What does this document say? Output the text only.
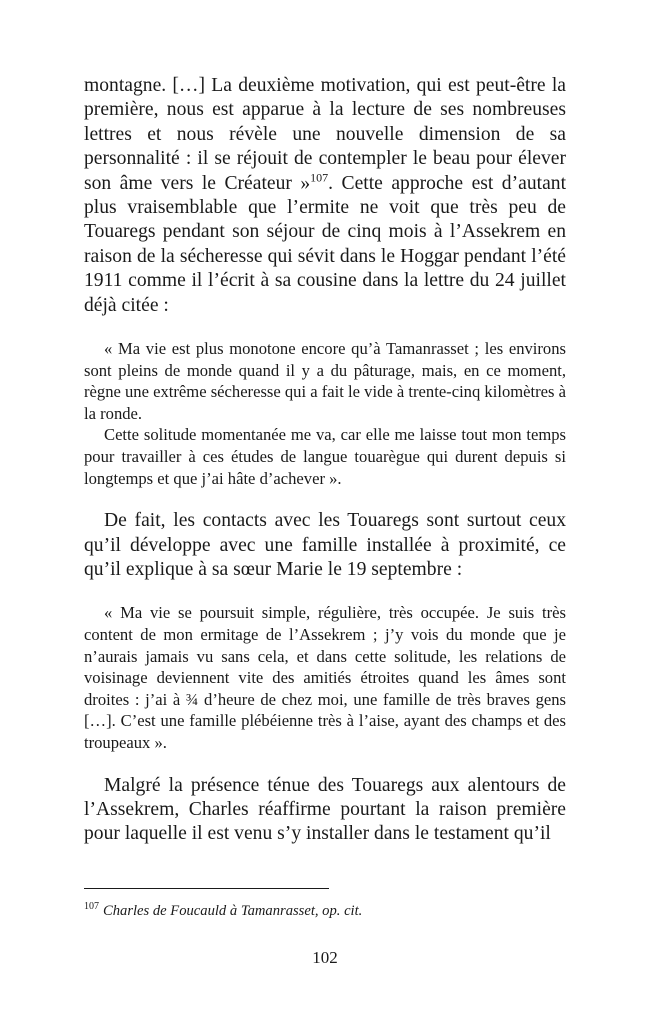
montagne. […] La deuxième motivation, qui est peut-être la première, nous est apparue à la lecture de ses nombreuses lettres et nous révèle une nouvelle dimension de sa personnalité : il se réjouit de contempler le beau pour élever son âme vers le Créateur »$^{107}$. Cette approche est d’autant plus vraisemblable que l’ermite ne voit que très peu de Touaregs pendant son séjour de cinq mois à l’Assekrem en raison de la sécheresse qui sévit dans le Hoggar pendant l’été 1911 comme il l’écrit à sa cousine dans la lettre du 24 juillet déjà citée :

« Ma vie est plus monotone encore qu’à Tamanrasset ; les environs sont pleins de monde quand il y a du pâturage, mais, en ce moment, règne une extrême sécheresse qui a fait le vide à trente-cinq kilomètres à la ronde.

Cette solitude momentanée me va, car elle me laisse tout mon temps pour travailler à ces études de langue touarègue qui durent depuis si longtemps et que j’ai hâte d’achever ».

De fait, les contacts avec les Touaregs sont surtout ceux qu’il développe avec une famille installée à proximité, ce qu’il explique à sa sœur Marie le 19 septembre :

« Ma vie se poursuit simple, régulière, très occupée. Je suis très content de mon ermitage de l’Assekrem ; j’y vois du monde que je n’aurais jamais vu sans cela, et dans cette solitude, les relations de voisinage deviennent vite des amitiés étroites quand les âmes sont droites : j’ai à ¾ d’heure de chez moi, une famille de très braves gens […]. C’est une famille plébéienne très à l’aise, ayant des champs et des troupeaux ».

Malgré la présence ténue des Touaregs aux alentours de l’Assekrem, Charles réaffirme pourtant la raison première pour laquelle il est venu s’y installer dans le testament qu’il

$^{107}$ Charles de Foucauld à Tamanrasset, op. cit.
102
